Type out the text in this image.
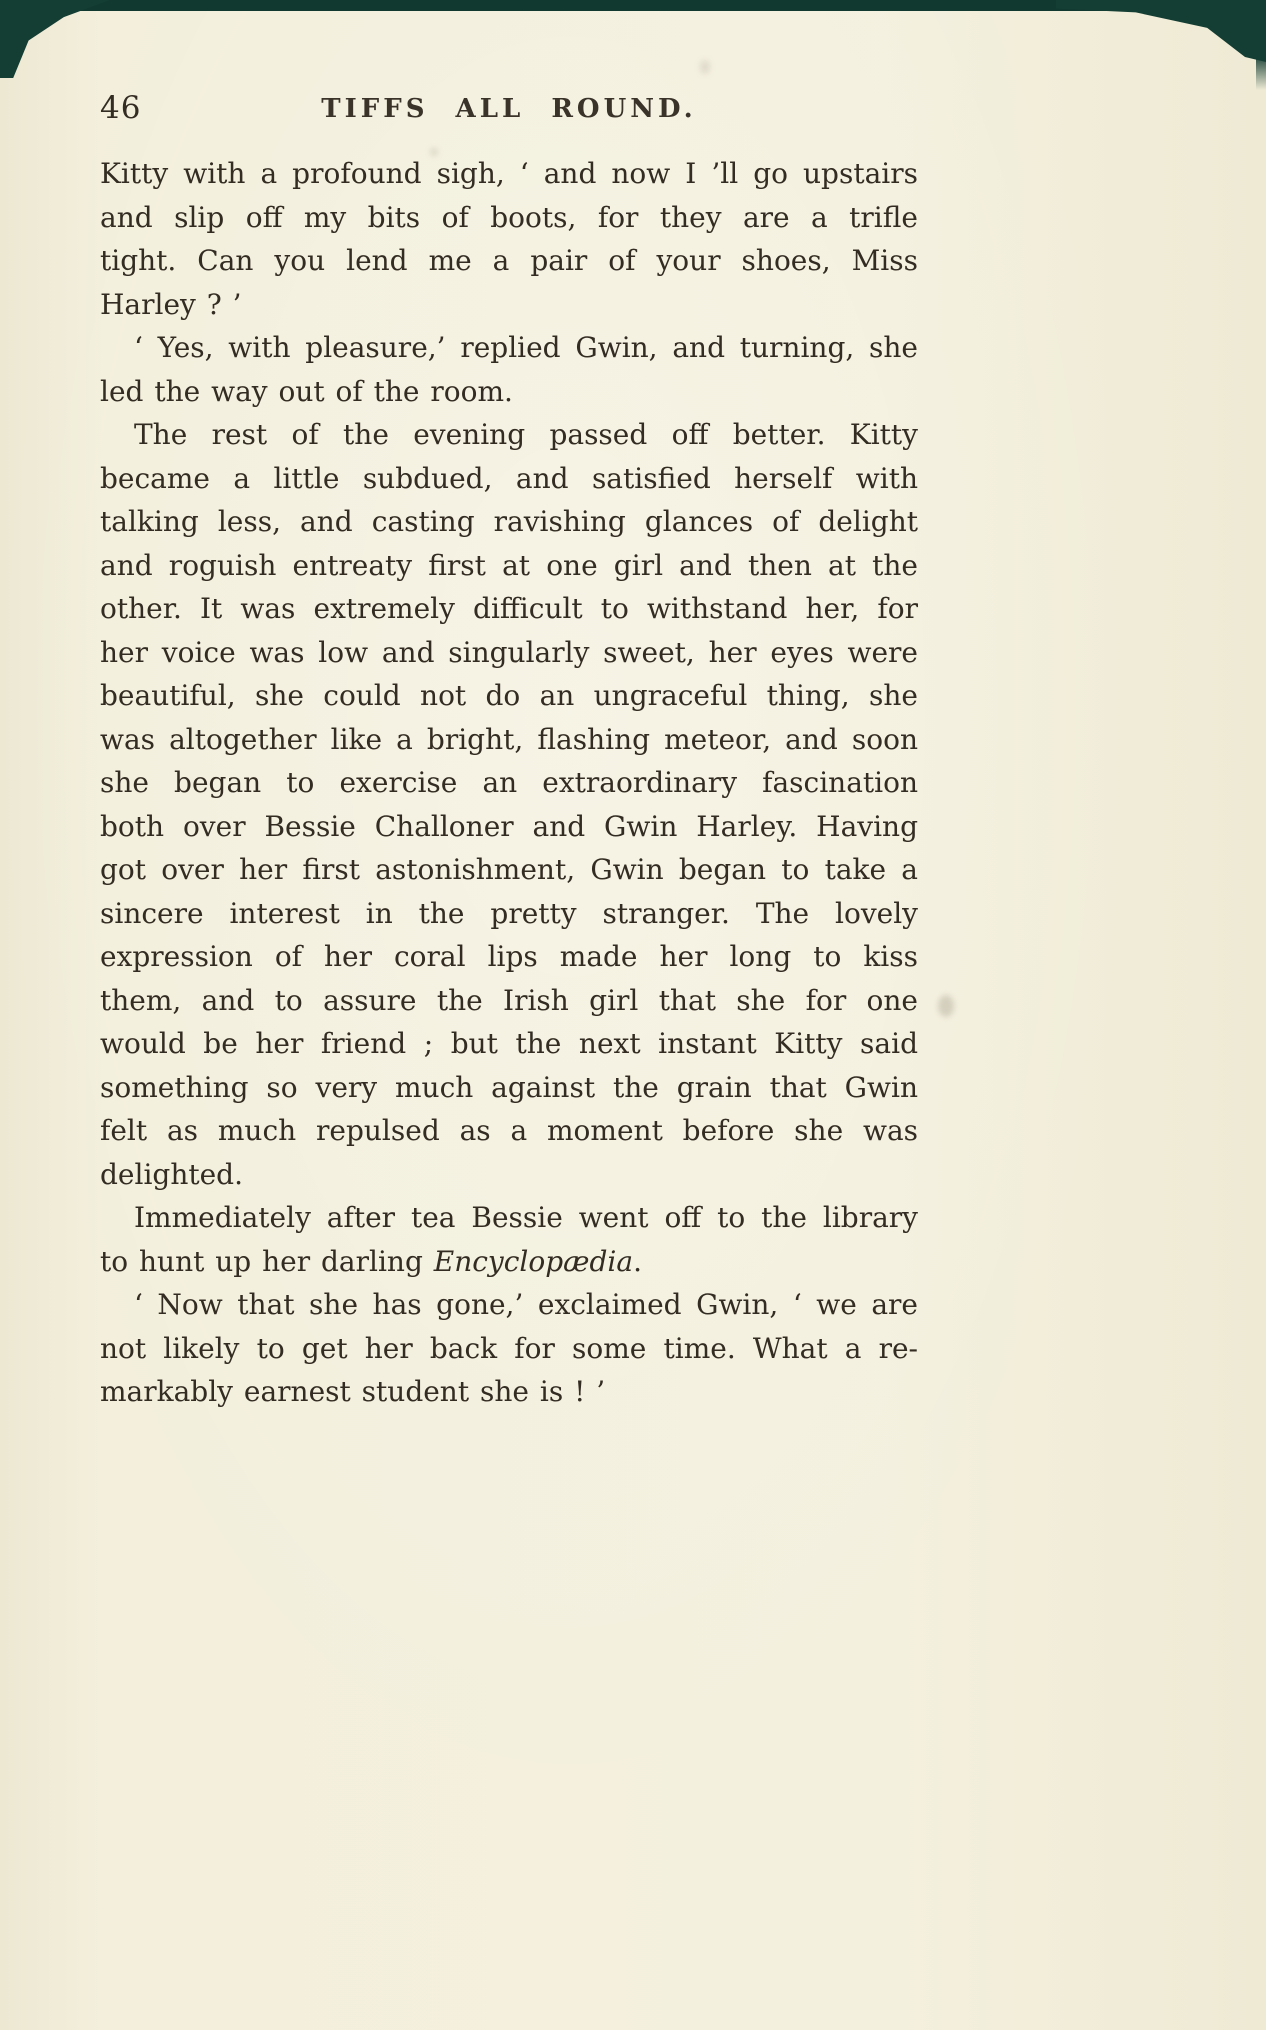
46	TIFFS ALL ROUND.
Kitty with a profound sigh, ‘ and now I ’ll go upstairs
and slip off my bits of boots, for they are a trifle
tight. Can you lend me a pair of your shoes, Miss
Harley ? ’
‘ Yes, with pleasure,’ replied Gwin, and turning, she
led the way out of the room.
The rest of the evening passed off better. Kitty
became a little subdued, and satisfied herself with
talking less, and casting ravishing glances of delight
and roguish entreaty first at one girl and then at the
other. It was extremely difficult to withstand her, for
her voice was low and singularly sweet, her eyes were
beautiful, she could not do an ungraceful thing, she
was altogether like a bright, flashing meteor, and soon
she began to exercise an extraordinary fascination
both over Bessie Challoner and Gwin Harley. Having
got over her first astonishment, Gwin began to take a
sincere interest in the pretty stranger. The lovely
expression of her coral lips made her long to kiss
them, and to assure the Irish girl that she for one
would be her friend ; but the next instant Kitty said
something so very much against the grain that Gwin
felt as much repulsed as a moment before she was
delighted.
Immediately after tea Bessie went off to the library
to hunt up her darling Encyclopædia.
‘ Now that she has gone,’ exclaimed Gwin, ‘ we are
not likely to get her back for some time. What a re-
markably earnest student she is ! ’
